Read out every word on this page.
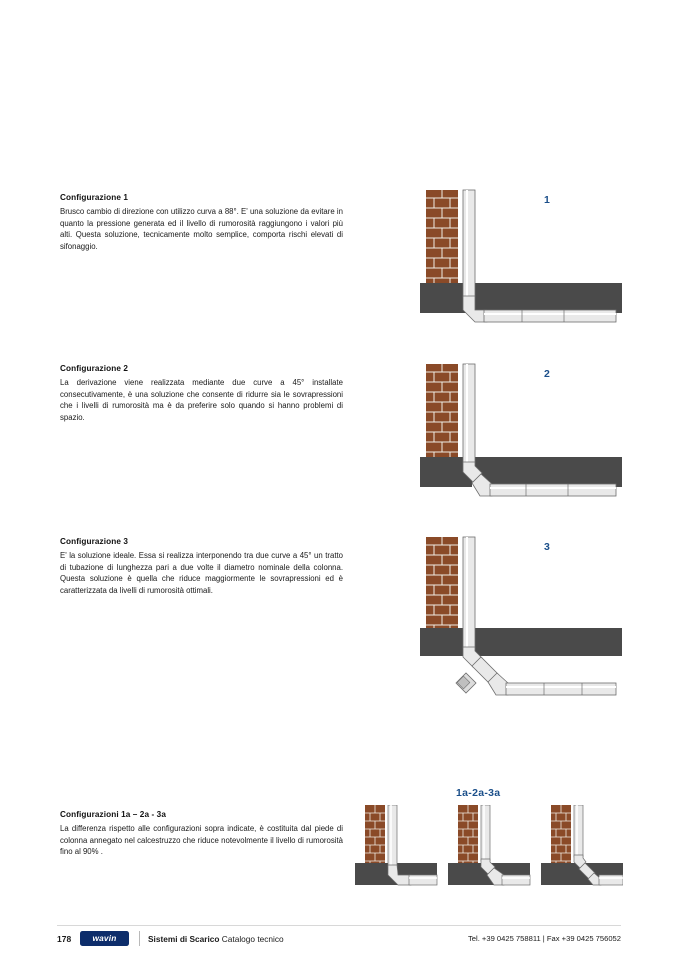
Configurazione 1

Brusco cambio di direzione con utilizzo curva a 88°. E' una soluzione da evitare in quanto la pressione generata ed il livello di rumorosità raggiungono i valori più alti. Questa soluzione, tecnicamente molto semplice, comporta rischi elevati di sifonaggio.

1

Configurazione 2

La derivazione viene realizzata mediante due curve a 45° installate consecutivamente, è una soluzione che consente di ridurre sia le sovrapressioni che i livelli di rumorosità ma è da preferire solo quando si hanno problemi di spazio.

2

Configurazione 3

E' la soluzione ideale. Essa si realizza interponendo tra due curve a 45° un tratto di tubazione di lunghezza pari a due volte il diametro nominale della colonna. Questa soluzione è quella che riduce maggiormente le sovrapressioni ed è caratterizzata da livelli di rumorosità ottimali.

3

Configurazioni 1a – 2a - 3a

La differenza rispetto alle configurazioni sopra indicate, è costituita dal piede di colonna annegato nel calcestruzzo che riduce notevolmente il livello di rumorosità fino al 90% .

1a-2a-3a
178	wavin	Sistemi di Scarico Catalogo tecnico	Tel. +39 0425 758811 | Fax +39 0425 756052
